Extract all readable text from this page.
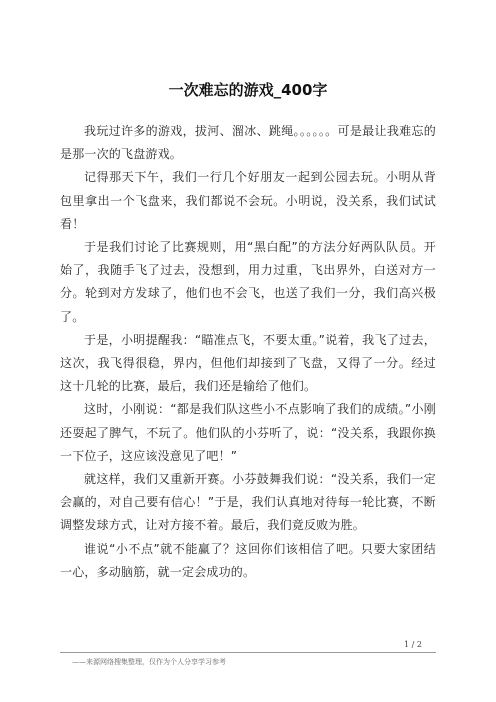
一次难忘的游戏_400字

我玩过许多的游戏，拔河、溜冰、跳绳。。。。。。可是最让我难忘的是那一次的飞盘游戏。

记得那天下午，我们一行几个好朋友一起到公园去玩。小明从背包里拿出一个飞盘来，我们都说不会玩。小明说，没关系，我们试试看！

于是我们讨论了比赛规则，用“黑白配”的方法分好两队队员。开始了，我随手飞了过去，没想到，用力过重，飞出界外，白送对方一分。轮到对方发球了，他们也不会飞，也送了我们一分，我们高兴极了。

于是，小明提醒我：“瞄准点飞，不要太重。”说着，我飞了过去，这次，我飞得很稳，界内，但他们却接到了飞盘，又得了一分。经过这十几轮的比赛，最后，我们还是输给了他们。

这时，小刚说：“都是我们队这些小不点影响了我们的成绩。”小刚还耍起了脾气，不玩了。他们队的小芬听了，说：“没关系，我跟你换一下位子，这应该没意见了吧！”

就这样，我们又重新开赛。小芬鼓舞我们说：“没关系，我们一定会赢的，对自己要有信心！”于是，我们认真地对待每一轮比赛，不断调整发球方式，让对方接不着。最后，我们竟反败为胜。

谁说“小不点”就不能赢了？这回你们该相信了吧。只要大家团结一心，多动脑筋，就一定会成功的。

1 / 2
——来源网络搜集整理，仅作为个人分享学习参考
